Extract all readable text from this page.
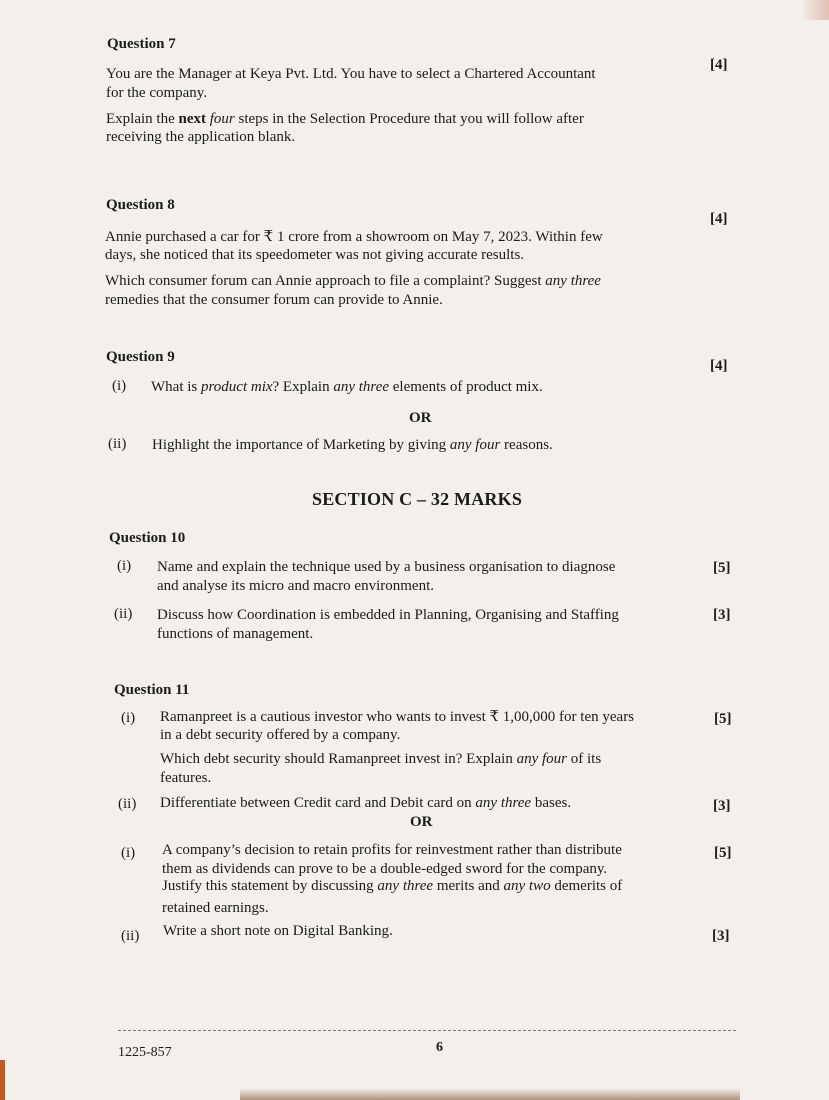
Question 7
[4]
You are the Manager at Keya Pvt. Ltd. You have to select a Chartered Accountant
for the company.
Explain the next four steps in the Selection Procedure that you will follow after
receiving the application blank.
Question 8
[4]
Annie purchased a car for ₹ 1 crore from a showroom on May 7, 2023. Within few
days, she noticed that its speedometer was not giving accurate results.
Which consumer forum can Annie approach to file a complaint? Suggest any three
remedies that the consumer forum can provide to Annie.
Question 9
[4]
(i) What is product mix? Explain any three elements of product mix.
OR
(ii) Highlight the importance of Marketing by giving any four reasons.
SECTION C – 32 MARKS
Question 10
(i) Name and explain the technique used by a business organisation to diagnose
and analyse its micro and macro environment.
[5]
(ii) Discuss how Coordination is embedded in Planning, Organising and Staffing
functions of management.
[3]
Question 11
(i) Ramanpreet is a cautious investor who wants to invest ₹ 1,00,000 for ten years
in a debt security offered by a company.
Which debt security should Ramanpreet invest in? Explain any four of its
features.
[5]
(ii) Differentiate between Credit card and Debit card on any three bases.	[3]
OR
(i) A company’s decision to retain profits for reinvestment rather than distribute
them as dividends can prove to be a double-edged sword for the company.
Justify this statement by discussing any three merits and any two demerits of
retained earnings.
[5]
(ii) Write a short note on Digital Banking.	[3]
1225-857	6
